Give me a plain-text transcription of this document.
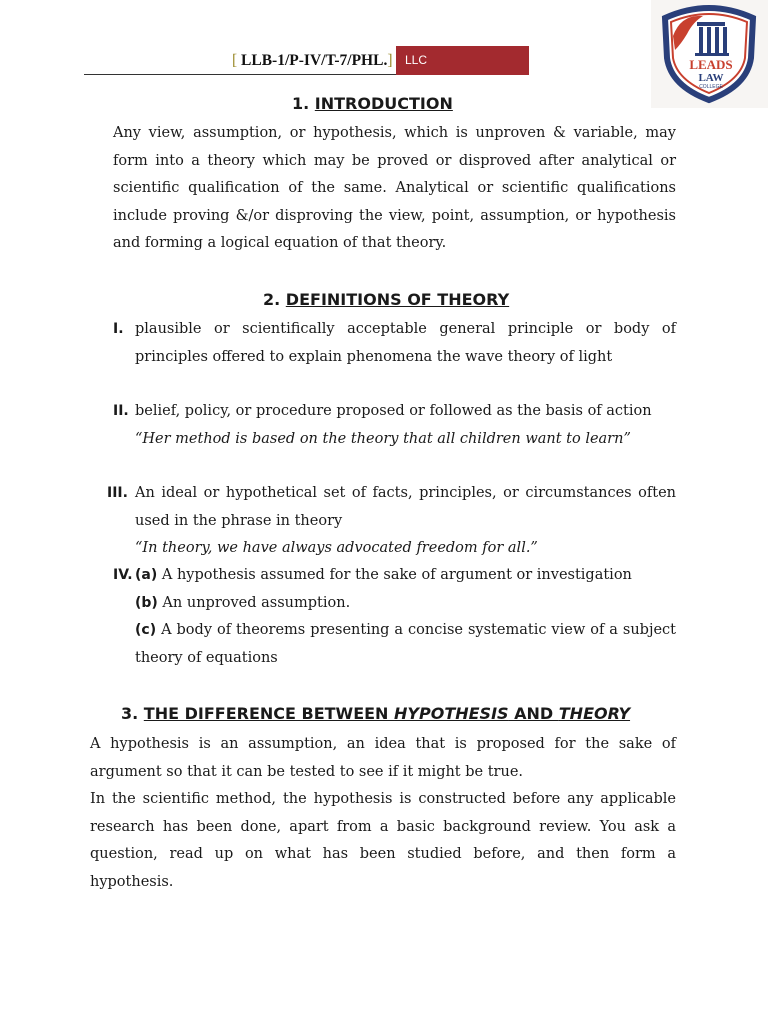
[ LLB-1/P-IV/T-7/PHL.]	LLC	LEADS
LAW
COLLEGE
1. INTRODUCTION
Any view, assumption, or hypothesis, which is unproven & variable, may
form into a theory which may be proved or disproved after analytical or
scientific qualification of the same. Analytical or scientific qualifications
include proving &/or disproving the view, point, assumption, or hypothesis
and forming a logical equation of that theory.
2. DEFINITIONS OF THEORY
I. plausible or scientifically acceptable general principle or body of
principles offered to explain phenomena the wave theory of light
II. belief, policy, or procedure proposed or followed as the basis of action
“Her method is based on the theory that all children want to learn”
III. An ideal or hypothetical set of facts, principles, or circumstances often
used in the phrase in theory
“In theory, we have always advocated freedom for all.”
IV. (a) A hypothesis assumed for the sake of argument or investigation
(b) An unproved assumption.
(c) A body of theorems presenting a concise systematic view of a subject
theory of equations
3. THE DIFFERENCE BETWEEN HYPOTHESIS AND THEORY
A hypothesis is an assumption, an idea that is proposed for the sake of
argument so that it can be tested to see if it might be true.
In the scientific method, the hypothesis is constructed before any applicable
research has been done, apart from a basic background review. You ask a
question, read up on what has been studied before, and then form a
hypothesis.
